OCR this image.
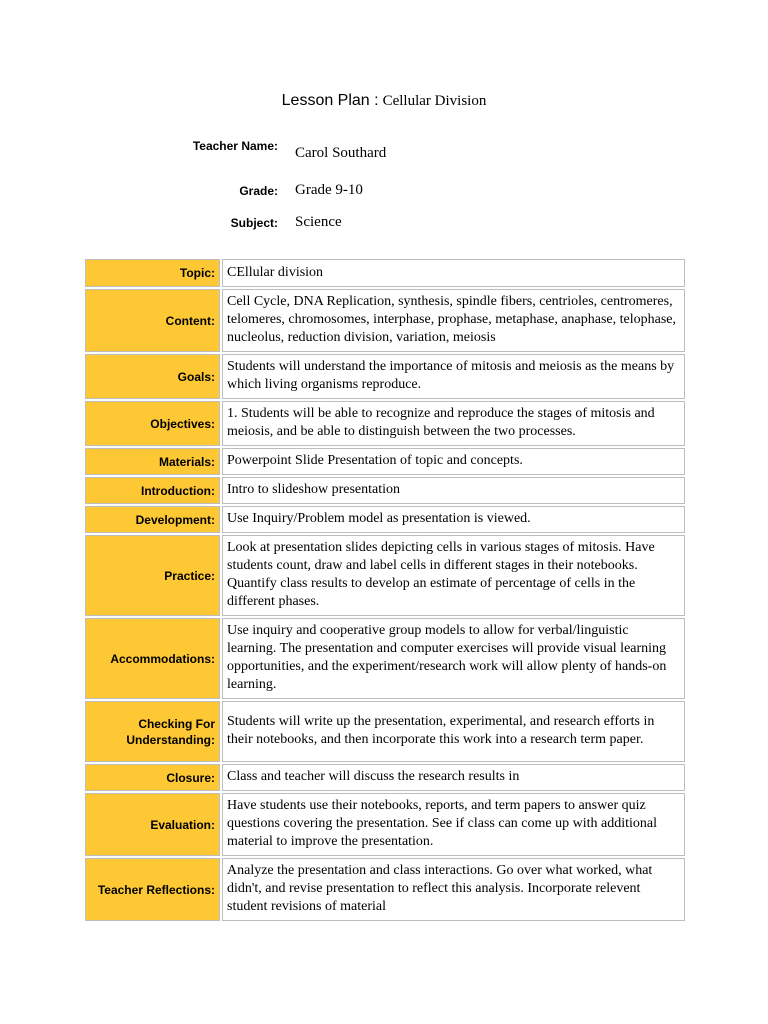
Lesson Plan : Cellular Division
Teacher Name: Carol Southard
Grade: Grade 9-10
Subject: Science
Topic:	CEllular division
Content:	Cell Cycle, DNA Replication, synthesis, spindle fibers, centrioles, centromeres, telomeres, chromosomes, interphase, prophase, metaphase, anaphase, telophase, nucleolus, reduction division, variation, meiosis
Goals:	Students will understand the importance of mitosis and meiosis as the means by which living organisms reproduce.
Objectives:	1. Students will be able to recognize and reproduce the stages of mitosis and meiosis, and be able to distinguish between the two processes.
Materials:	Powerpoint Slide Presentation of topic and concepts.
Introduction:	Intro to slideshow presentation
Development:	Use Inquiry/Problem model as presentation is viewed.
Practice:	Look at presentation slides depicting cells in various stages of mitosis. Have students count, draw and label cells in different stages in their notebooks. Quantify class results to develop an estimate of percentage of cells in the different phases.
Accommodations:	Use inquiry and cooperative group models to allow for verbal/linguistic learning. The presentation and computer exercises will provide visual learning opportunities, and the experiment/research work will allow plenty of hands-on learning.
Checking For Understanding:	Students will write up the presentation, experimental, and research efforts in their notebooks, and then incorporate this work into a research term paper.
Closure:	Class and teacher will discuss the research results in
Evaluation:	Have students use their notebooks, reports, and term papers to answer quiz questions covering the presentation. See if class can come up with additional material to improve the presentation.
Teacher Reflections:	Analyze the presentation and class interactions. Go over what worked, what didn't, and revise presentation to reflect this analysis. Incorporate relevent student revisions of material
